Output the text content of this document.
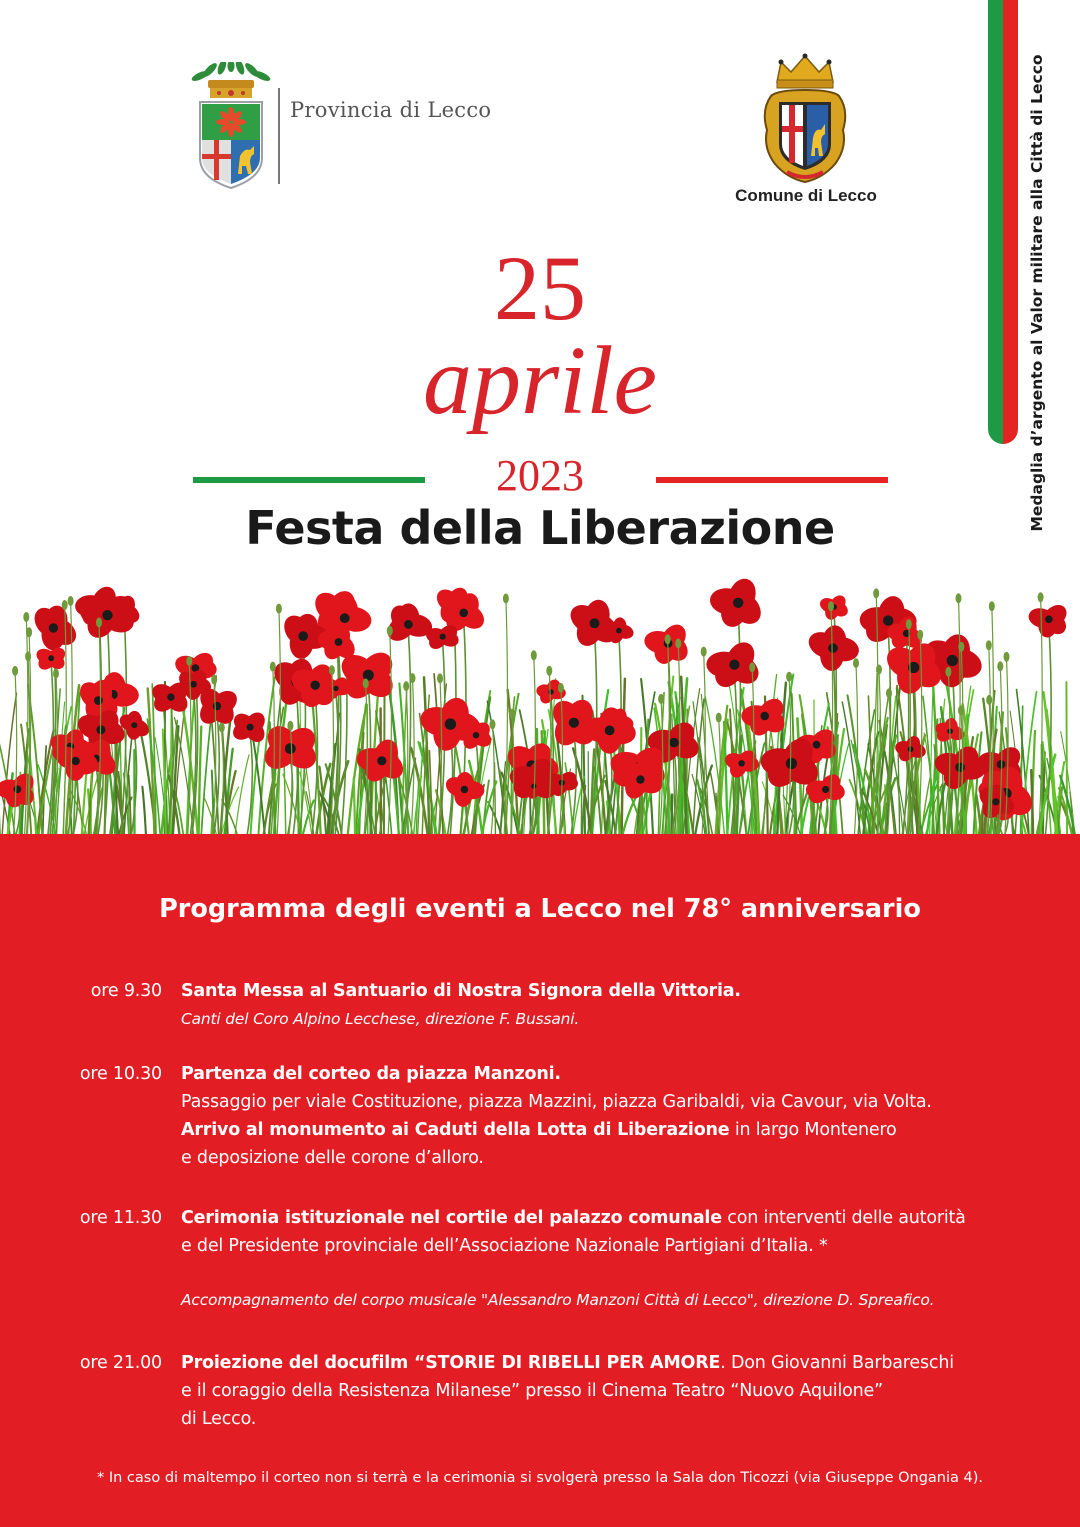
Medaglia d’argento al Valor militare alla Città di Lecco
Provincia di Lecco
Comune di Lecco
25
aprile
2023
Festa della Liberazione
Programma degli eventi a Lecco nel 78° anniversario
ore 9.30 Santa Messa al Santuario di Nostra Signora della Vittoria.
Canti del Coro Alpino Lecchese, direzione F. Bussani.
ore 10.30 Partenza del corteo da piazza Manzoni.
Passaggio per viale Costituzione, piazza Mazzini, piazza Garibaldi, via Cavour, via Volta.
Arrivo al monumento ai Caduti della Lotta di Liberazione in largo Montenero
e deposizione delle corone d’alloro.
ore 11.30 Cerimonia istituzionale nel cortile del palazzo comunale con interventi delle autorità
e del Presidente provinciale dell’Associazione Nazionale Partigiani d’Italia. *
Accompagnamento del corpo musicale "Alessandro Manzoni Città di Lecco", direzione D. Spreafico.
ore 21.00 Proiezione del docufilm “STORIE DI RIBELLI PER AMORE. Don Giovanni Barbareschi
e il coraggio della Resistenza Milanese” presso il Cinema Teatro “Nuovo Aquilone”
di Lecco.
* In caso di maltempo il corteo non si terrà e la cerimonia si svolgerà presso la Sala don Ticozzi (via Giuseppe Ongania 4).
